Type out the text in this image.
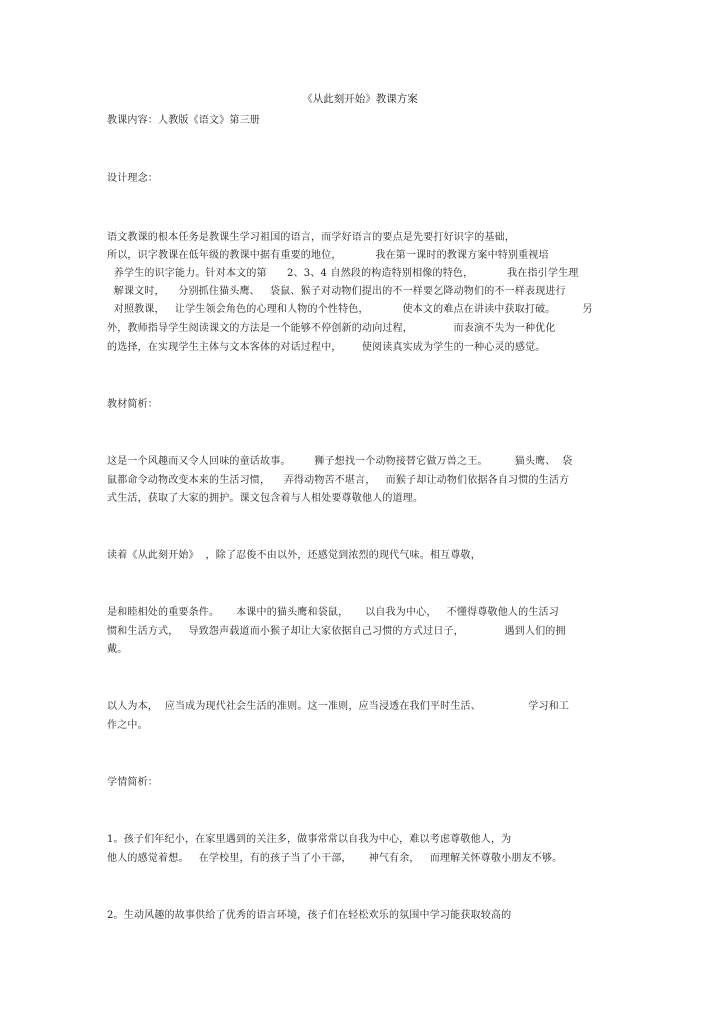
《从此刻开始》教课方案
教课内容：人教版《语文》第三册
设计理念：
语文教课的根本任务是教课生学习祖国的语言，而学好语言的要点是先要打好识字的基础，
所以，识字教课在低年级的教课中据有重要的地位，          我在第一课时的教课方案中特别重视培
养学生的识字能力。针对本文的第      2、3、4 自然段的构造特别相像的特色，          我在指引学生理
解课文时，    分别抓住猫头鹰、   袋鼠、猴子对动物们提出的不一样要乞降动物们的不一样表现进行
对照教课，   让学生领会角色的心理和人物的个性特色，          使本文的难点在讲读中获取打破。        另
外，教师指导学生阅读课文的方法是一个能够不停创新的动向过程，            而表演不失为一种优化
的选择，在实现学生主体与文本客体的对话过程中，      使阅读真实成为学生的一种心灵的感觉。
教材简析：
这是一个风趣而又令人回味的童话故事。       狮子想找一个动物接替它做万兽之王。        猫头鹰、  袋
鼠都命令动物改变本来的生活习惯，    弄得动物苦不堪言，   而猴子却让动物们依据各自习惯的生活方
式生活，获取了大家的拥护。课文包含着与人相处要尊敬他人的道理。
读着《从此刻开始》  ，除了忍俊不由以外，还感觉到浓烈的现代气味。相互尊敬，
是和睦相处的重要条件。     本课中的猫头鹰和袋鼠，     以自我为中心，   不懂得尊敬他人的生活习
惯和生活方式，   导致怨声载道而小猴子却让大家依据自己习惯的方式过日子，            遇到人们的拥
戴。
以人为本，  应当成为现代社会生活的准则。这一准则，应当浸透在我们平时生活、              学习和工
作之中。
学情简析：
1。孩子们年纪小，在家里遇到的关注多，做事常常以自我为中心，难以考虑尊敬他人，为
他人的感觉着想。   在学校里，有的孩子当了小干部，     神气有余，   而理解关怀尊敬小朋友不够。
2。生动风趣的故事供给了优秀的语言环境，孩子们在轻松欢乐的氛围中学习能获取较高的
